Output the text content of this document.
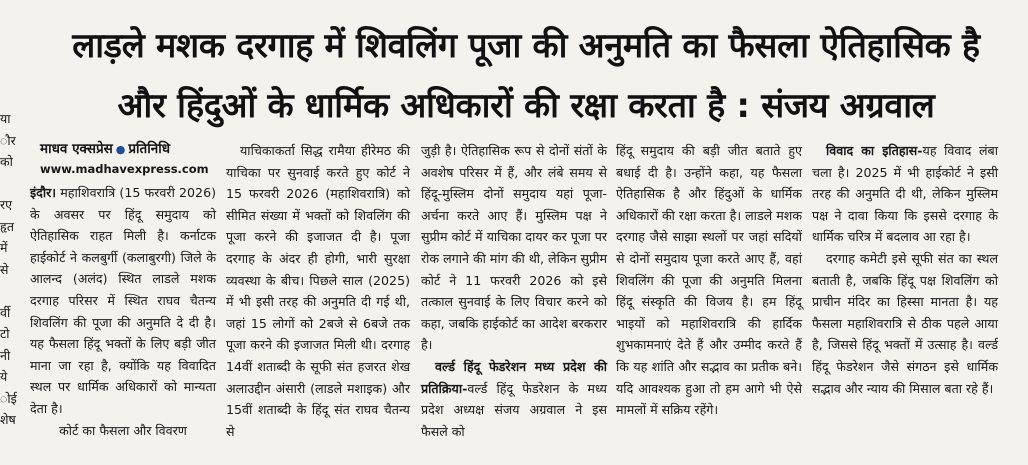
लाड़ले मशक दरगाह में शिवलिंग पूजा की अनुमति का फैसला ऐतिहासिक है
और हिंदुओं के धार्मिक अधिकारों की रक्षा करता है : संजय अग्रवाल
या
ौर
को

रए
हृत
में
से

र्वी
टो
नी
ये
ोई
शेष
माधव एक्सप्रेस ● प्रतिनिधि
www.madhavexpress.com

इंदौर। महाशिवरात्रि (15 फरवरी 2026) के अवसर पर हिंदू समुदाय को ऐतिहासिक राहत मिली है। कर्नाटक हाईकोर्ट ने कलबुर्गी (कलाबुरगी) जिले के आलन्द (अलंद) स्थित लाडले मशक दरगाह परिसर में स्थित राघव चैतन्य शिवलिंग की पूजा की अनुमति दे दी है। यह फैसला हिंदू भक्तों के लिए बड़ी जीत माना जा रहा है, क्योंकि यह विवादित स्थल पर धार्मिक अधिकारों को मान्यता देता है।

कोर्ट का फैसला और विवरण

याचिकाकर्ता सिद्ध रामैया हीरेमठ की याचिका पर सुनवाई करते हुए कोर्ट ने 15 फरवरी 2026 (महाशिवरात्रि) को सीमित संख्या में भक्तों को शिवलिंग की पूजा करने की इजाजत दी है। पूजा दरगाह के अंदर ही होगी, भारी सुरक्षा व्यवस्था के बीच। पिछले साल (2025) में भी इसी तरह की अनुमति दी गई थी, जहां 15 लोगों को 2बजे से 6बजे तक पूजा करने की इजाजत मिली थी। दरगाह 14वीं शताब्दी के सूफी संत हजरत शेख अलाउद्दीन अंसारी (लाडले मशाइक) और 15वीं शताब्दी के हिंदू संत राघव चैतन्य से

जुड़ी है। ऐतिहासिक रूप से दोनों संतों के अवशेष परिसर में हैं, और लंबे समय से हिंदू-मुस्लिम दोनों समुदाय यहां पूजा-अर्चना करते आए हैं। मुस्लिम पक्ष ने सुप्रीम कोर्ट में याचिका दायर कर पूजा पर रोक लगाने की मांग की थी, लेकिन सुप्रीम कोर्ट ने 11 फरवरी 2026 को इसे तत्काल सुनवाई के लिए विचार करने को कहा, जबकि हाईकोर्ट का आदेश बरकरार है।

वर्ल्ड हिंदू फेडरेशन मध्य प्रदेश की प्रतिक्रिया-वर्ल्ड हिंदू फेडरेशन के मध्य प्रदेश अध्यक्ष संजय अग्रवाल ने इस फैसले को

हिंदू समुदाय की बड़ी जीत बताते हुए बधाई दी है। उन्होंने कहा, यह फैसला ऐतिहासिक है और हिंदुओं के धार्मिक अधिकारों की रक्षा करता है। लाडले मशक दरगाह जैसे साझा स्थलों पर जहां सदियों से दोनों समुदाय पूजा करते आए हैं, वहां शिवलिंग की पूजा की अनुमति मिलना हिंदू संस्कृति की विजय है। हम हिंदू भाइयों को महाशिवरात्रि की हार्दिक शुभकामनाएं देते हैं और उम्मीद करते हैं कि यह शांति और सद्भाव का प्रतीक बने। यदि आवश्यक हुआ तो हम आगे भी ऐसे मामलों में सक्रिय रहेंगे।

विवाद का इतिहास-यह विवाद लंबा चला है। 2025 में भी हाईकोर्ट ने इसी तरह की अनुमति दी थी, लेकिन मुस्लिम पक्ष ने दावा किया कि इससे दरगाह के धार्मिक चरित्र में बदलाव आ रहा है।

दरगाह कमेटी इसे सूफी संत का स्थल बताती है, जबकि हिंदू पक्ष शिवलिंग को प्राचीन मंदिर का हिस्सा मानता है। यह फैसला महाशिवरात्रि से ठीक पहले आया है, जिससे हिंदू भक्तों में उत्साह है। वर्ल्ड हिंदू फेडरेशन जैसे संगठन इसे धार्मिक सद्भाव और न्याय की मिसाल बता रहे हैं।
